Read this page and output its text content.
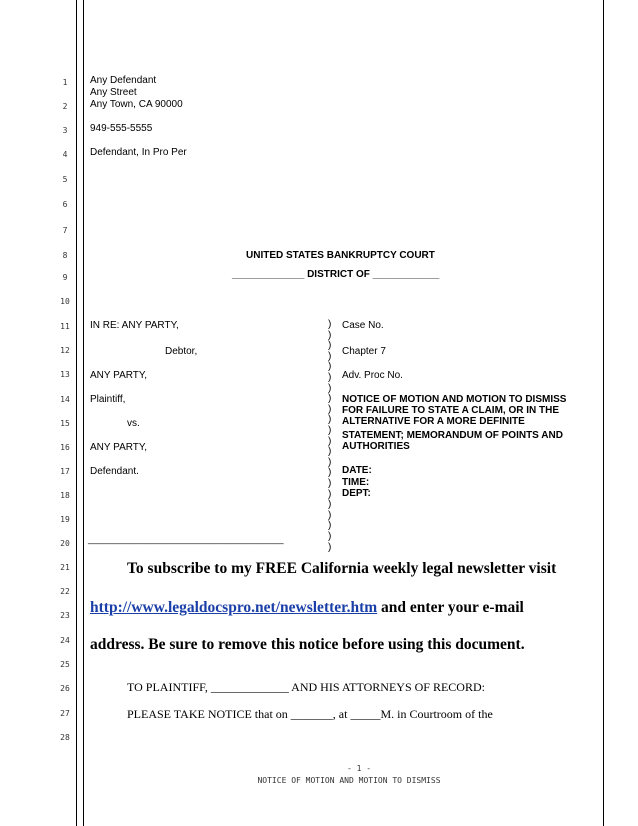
1
2
3
4
5
6
7
8
9
10
11
12
13
14
15
16
17
18
19
20
21
22
23
24
25
26
27
28
Any Defendant
Any Street
Any Town, CA 90000
949-555-5555
Defendant, In Pro Per
UNITED STATES BANKRUPTCY COURT
_____________ DISTRICT OF ____________
IN RE: ANY PARTY,
Debtor,
ANY PARTY,
Plaintiff,
vs.
ANY PARTY,
Defendant.
_____________________________________
)
)
)
)
)
)
)
)
)
)
)
)
)
)
)
)
)
)
)
)
)
)
Case No.
Chapter 7
Adv. Proc No.
NOTICE OF MOTION AND MOTION TO DISMISS
FOR FAILURE TO STATE A CLAIM, OR IN THE
ALTERNATIVE FOR A MORE DEFINITE
STATEMENT; MEMORANDUM OF POINTS AND
AUTHORITIES
DATE:
TIME:
DEPT:
To subscribe to my FREE California weekly legal newsletter visit
http://www.legaldocspro.net/newsletter.htm and enter your e-mail
address. Be sure to remove this notice before using this document.
TO PLAINTIFF, _____________ AND HIS ATTORNEYS OF RECORD:
PLEASE TAKE NOTICE that on _______, at _____M. in Courtroom of the
- 1 -
NOTICE OF MOTION AND MOTION TO DISMISS
